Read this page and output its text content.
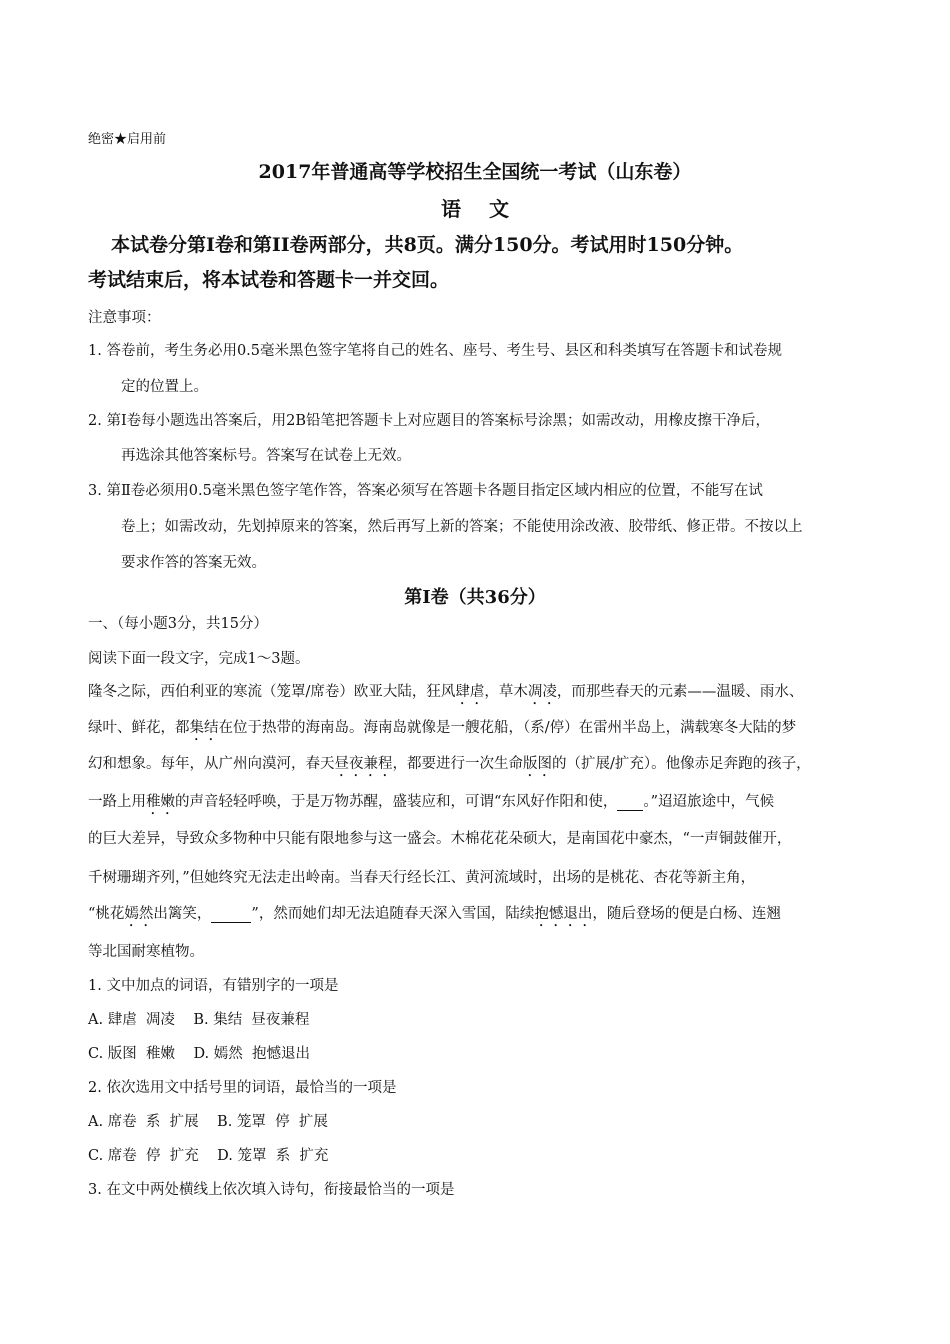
绝密★启用前
2017年普通高等学校招生全国统一考试（山东卷）
语文
本试卷分第Ⅰ卷和第II卷两部分，共8页。满分150分。考试用时150分钟。
考试结束后，将本试卷和答题卡一并交回。
注意事项：
1. 答卷前，考生务必用0.5毫米黑色签字笔将自己的姓名、座号、考生号、县区和科类填写在答题卡和试卷规
定的位置上。
2. 第Ⅰ卷每小题选出答案后，用2B铅笔把答题卡上对应题目的答案标号涂黑；如需改动，用橡皮擦干净后，
再选涂其他答案标号。答案写在试卷上无效。
3. 第Ⅱ卷必须用0.5毫米黑色签字笔作答，答案必须写在答题卡各题目指定区域内相应的位置，不能写在试
卷上；如需改动，先划掉原来的答案，然后再写上新的答案；不能使用涂改液、胶带纸、修正带。不按以上
要求作答的答案无效。
第I卷（共36分）
一、（每小题3分，共15分）
阅读下面一段文字，完成1～3题。
隆冬之际，西伯利亚的寒流（笼罩/席卷）欧亚大陆，狂风肆虐，草木凋凌，而那些春天的元素——温暖、雨水、
绿叶、鲜花，都集结在位于热带的海南岛。海南岛就像是一艘花船，（系/停）在雷州半岛上，满载寒冬大陆的梦
幻和想象。每年，从广州向漠河，春天昼夜兼程，都要进行一次生命版图的（扩展/扩充）。他像赤足奔跑的孩子，
一路上用稚嫩的声音轻轻呼唤，于是万物苏醒，盛装应和，可谓“东风好作阳和使， 。”迢迢旅途中，气候
的巨大差异，导致众多物种中只能有限地参与这一盛会。木棉花花朵硕大，是南国花中豪杰，“一声铜鼓催开，
千树珊瑚齐列，”但她终究无法走出岭南。当春天行经长江、黄河流域时，出场的是桃花、杏花等新主角，
“桃花嫣然出篱笑，	”，然而她们却无法追随春天深入雪国，陆续抱憾退出，随后登场的便是白杨、连翘
等北国耐寒植物。
1. 文中加点的词语，有错别字的一项是
A. 肆虐  凋凌    B. 集结  昼夜兼程
C. 版图  稚嫩    D. 嫣然  抱憾退出
2. 依次选用文中括号里的词语，最恰当的一项是
A. 席卷  系  扩展    B. 笼罩  停  扩展
C. 席卷  停  扩充    D. 笼罩  系  扩充
3. 在文中两处横线上依次填入诗句，衔接最恰当的一项是
